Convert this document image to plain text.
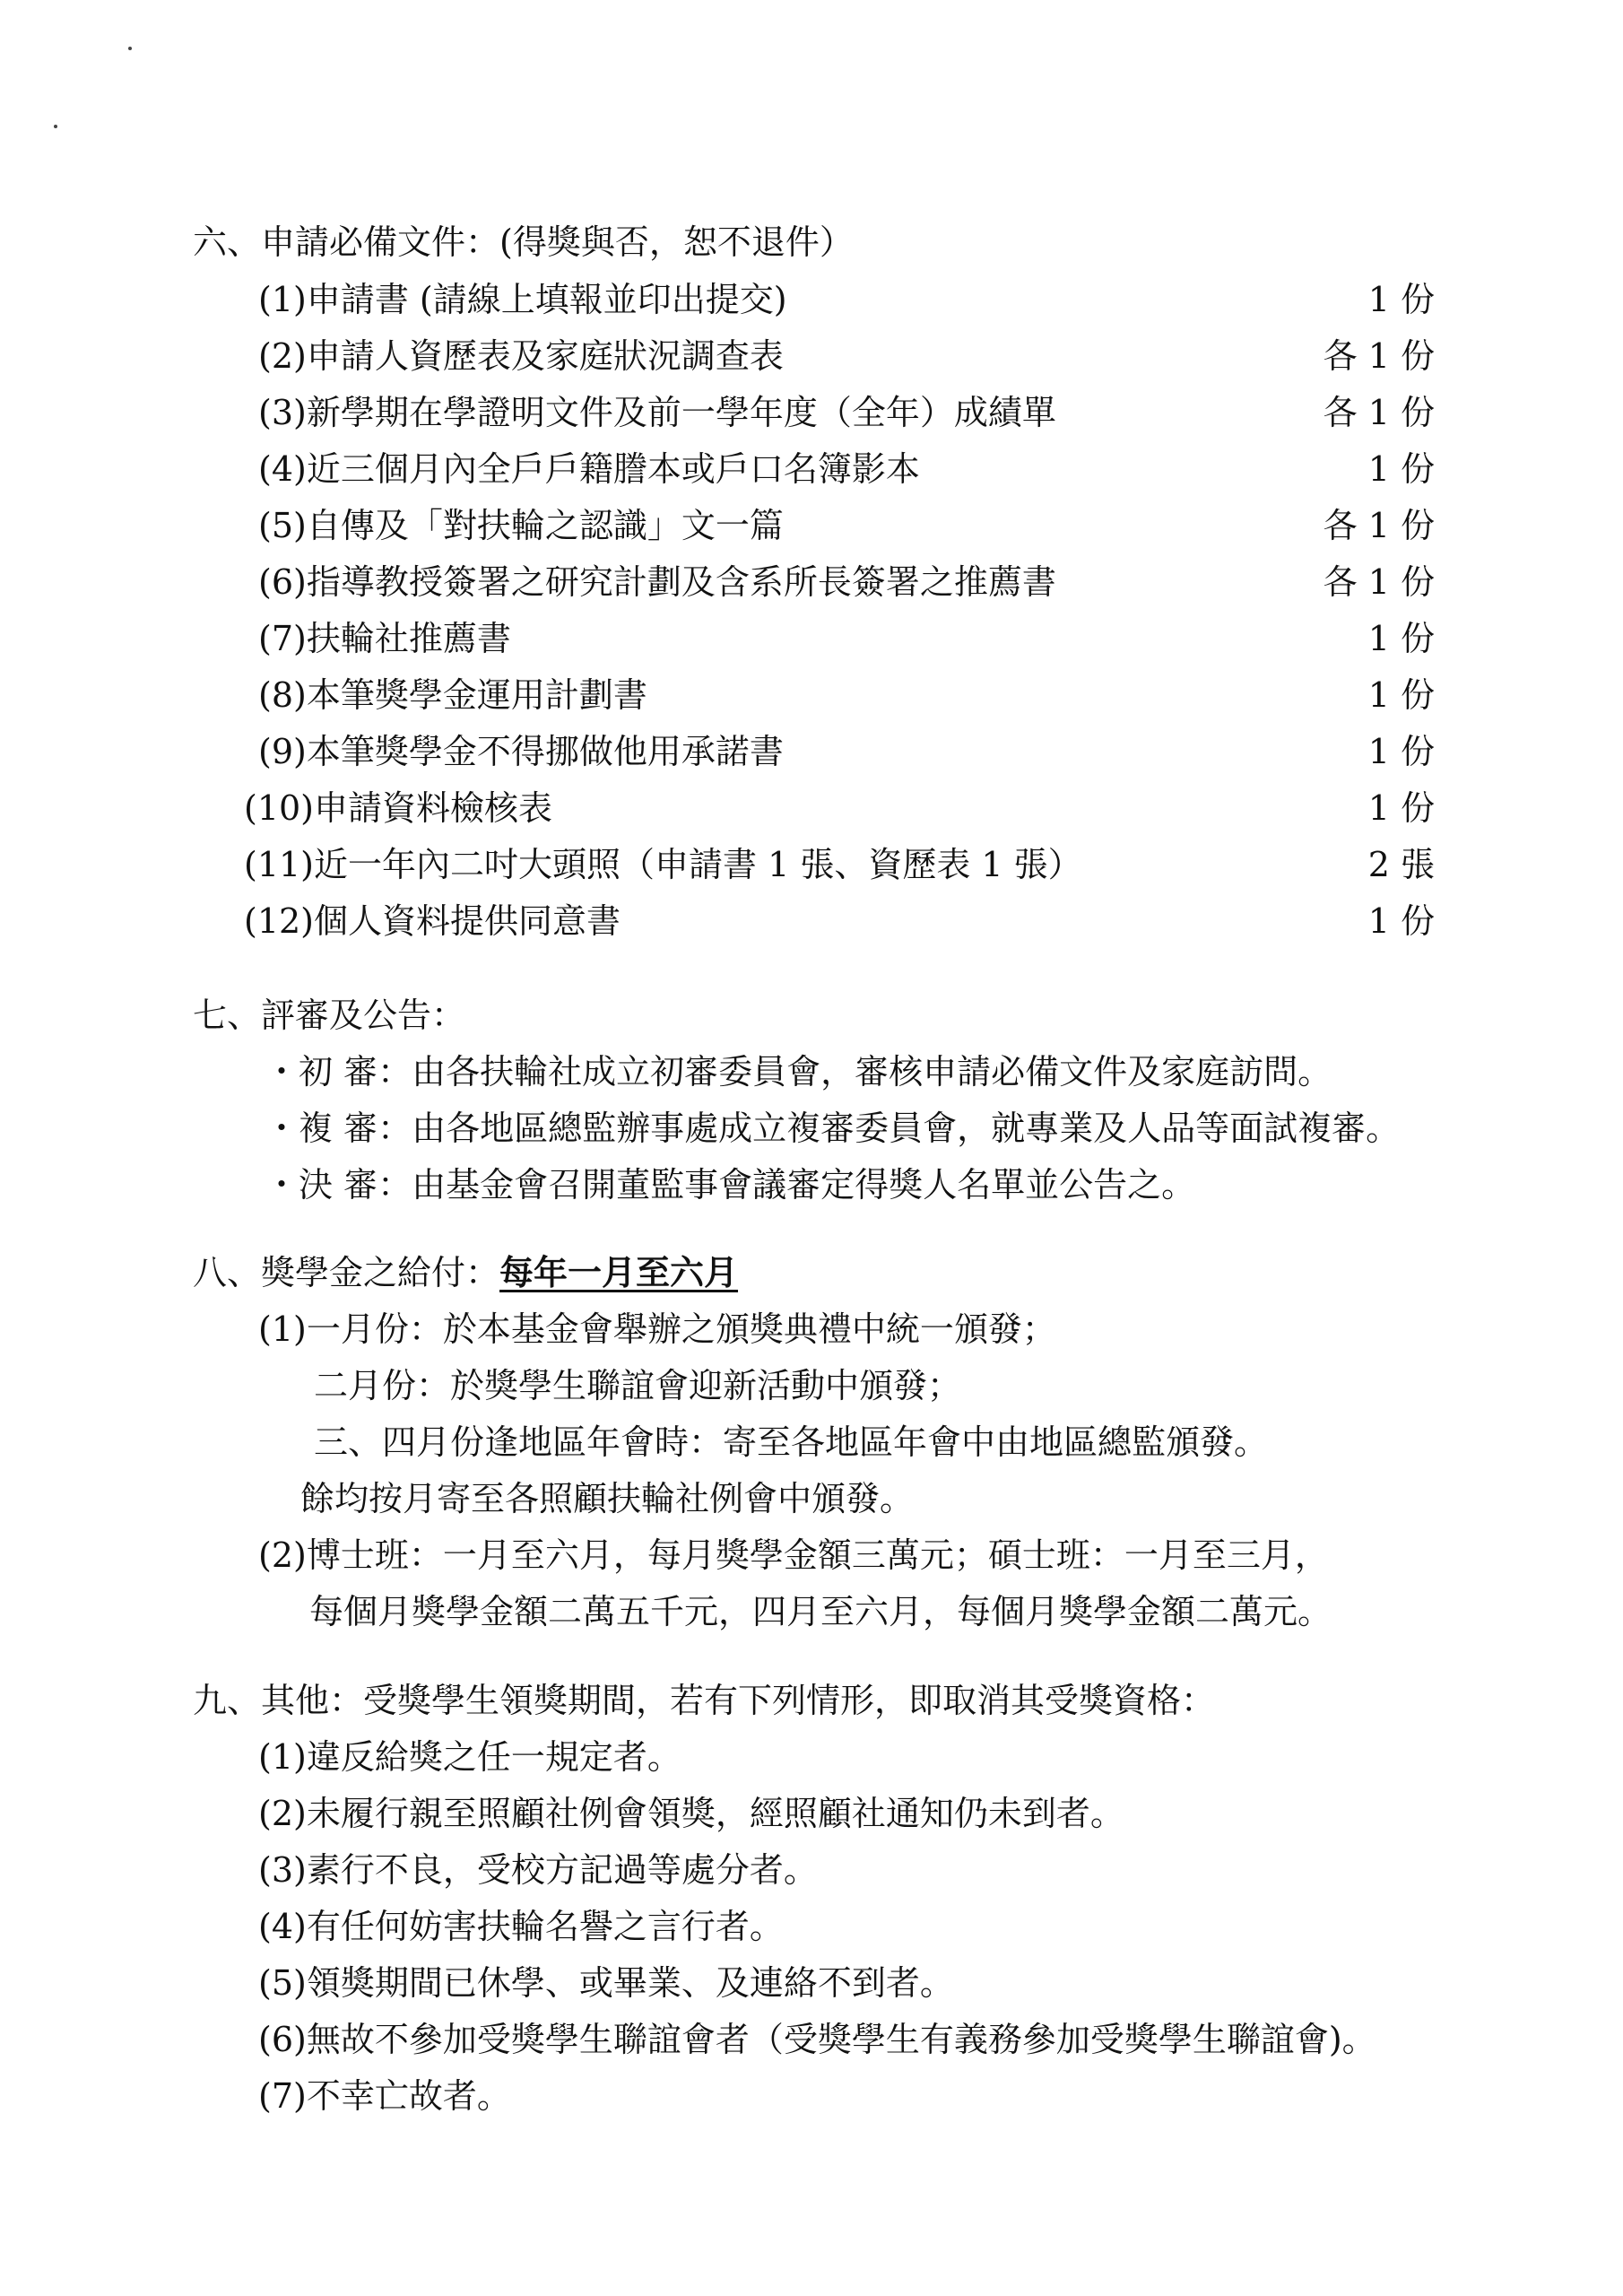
六、申請必備文件：(得獎與否，恕不退件）
(1)申請書 (請線上填報並印出提交)	1 份
(2)申請人資歷表及家庭狀況調查表	各 1 份
(3)新學期在學證明文件及前一學年度（全年）成績單	各 1 份
(4)近三個月內全戶戶籍謄本或戶口名簿影本	1 份
(5)自傳及「對扶輪之認識」文一篇	各 1 份
(6)指導教授簽署之研究計劃及含系所長簽署之推薦書	各 1 份
(7)扶輪社推薦書	1 份
(8)本筆獎學金運用計劃書	1 份
(9)本筆獎學金不得挪做他用承諾書	1 份
(10)申請資料檢核表	1 份
(11)近一年內二吋大頭照（申請書 1 張、資歷表 1 張）	2 張
(12)個人資料提供同意書	1 份
七、評審及公告：
・初 審：由各扶輪社成立初審委員會，審核申請必備文件及家庭訪問。
・複 審：由各地區總監辦事處成立複審委員會，就專業及人品等面試複審。
・決 審：由基金會召開董監事會議審定得獎人名單並公告之。
八、獎學金之給付：每年一月至六月
(1)一月份：於本基金會舉辦之頒獎典禮中統一頒發；
二月份：於獎學生聯誼會迎新活動中頒發；
三、四月份逢地區年會時：寄至各地區年會中由地區總監頒發。
餘均按月寄至各照顧扶輪社例會中頒發。
(2)博士班：一月至六月，每月獎學金額三萬元；碩士班：一月至三月，
每個月獎學金額二萬五千元，四月至六月，每個月獎學金額二萬元。
九、其他：受獎學生領獎期間，若有下列情形，即取消其受獎資格：
(1)違反給獎之任一規定者。
(2)未履行親至照顧社例會領獎，經照顧社通知仍未到者。
(3)素行不良，受校方記過等處分者。
(4)有任何妨害扶輪名譽之言行者。
(5)領獎期間已休學、或畢業、及連絡不到者。
(6)無故不參加受獎學生聯誼會者（受獎學生有義務參加受獎學生聯誼會)。
(7)不幸亡故者。
